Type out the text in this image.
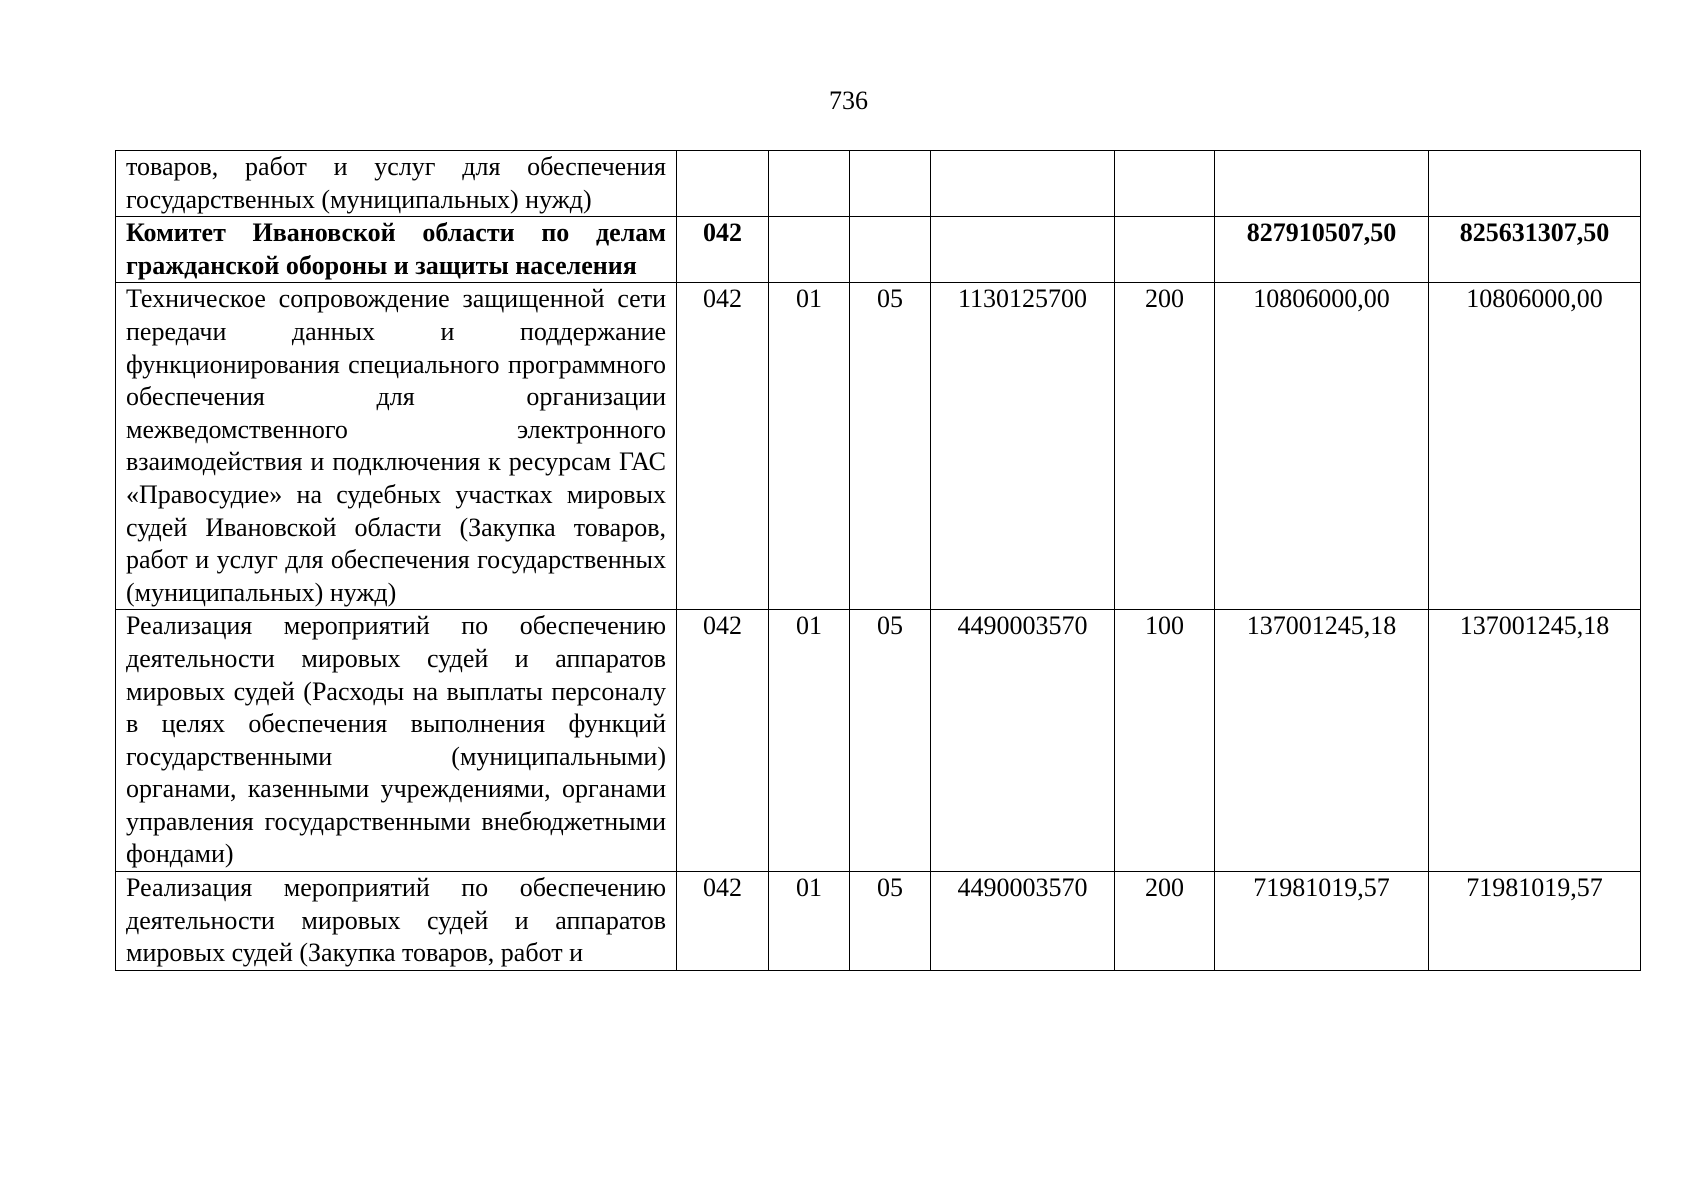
736
товаров, работ и услуг для обеспечения государственных (муниципальных) нужд)							
Комитет Ивановской области по делам гражданской обороны и защиты населения	042					827910507,50	825631307,50
Техническое сопровождение защищенной сети передачи данных и поддержание функционирования специального программного обеспечения для организации межведомственного электронного взаимодействия и подключения к ресурсам ГАС «Правосудие» на судебных участках мировых судей Ивановской области (Закупка товаров, работ и услуг для обеспечения государственных (муниципальных) нужд)	042	01	05	1130125700	200	10806000,00	10806000,00
Реализация мероприятий по обеспечению деятельности мировых судей и аппаратов мировых судей (Расходы на выплаты персоналу в целях обеспечения выполнения функций государственными (муниципальными) органами, казенными учреждениями, органами управления государственными внебюджетными фондами)	042	01	05	4490003570	100	137001245,18	137001245,18
Реализация мероприятий по обеспечению деятельности мировых судей и аппаратов мировых судей (Закупка товаров, работ и	042	01	05	4490003570	200	71981019,57	71981019,57
